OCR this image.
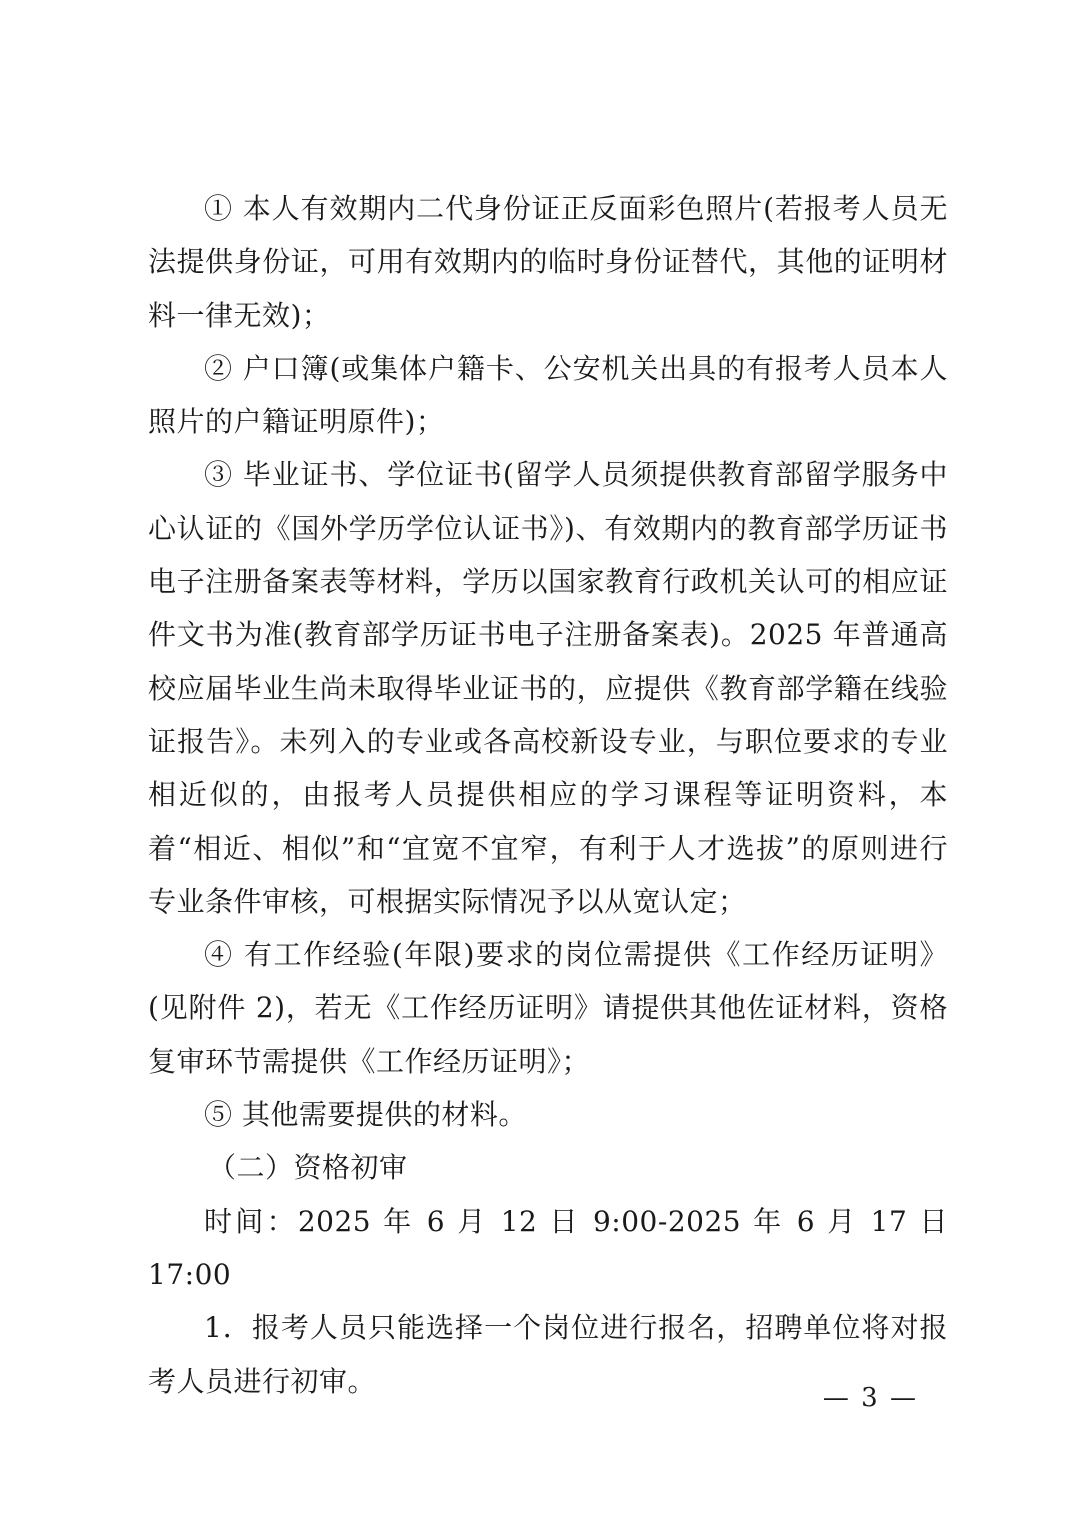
① 本人有效期内二代身份证正反面彩色照片(若报考人员无法提供身份证，可用有效期内的临时身份证替代，其他的证明材料一律无效)；

② 户口簿(或集体户籍卡、公安机关出具的有报考人员本人照片的户籍证明原件)；

③ 毕业证书、学位证书(留学人员须提供教育部留学服务中心认证的《国外学历学位认证书》)、有效期内的教育部学历证书电子注册备案表等材料，学历以国家教育行政机关认可的相应证件文书为准(教育部学历证书电子注册备案表)。2025 年普通高校应届毕业生尚未取得毕业证书的，应提供《教育部学籍在线验证报告》。未列入的专业或各高校新设专业，与职位要求的专业相近似的，由报考人员提供相应的学习课程等证明资料，本着“相近、相似”和“宜宽不宜窄，有利于人才选拔”的原则进行专业条件审核，可根据实际情况予以从宽认定；

④ 有工作经验(年限)要求的岗位需提供《工作经历证明》(见附件 2)，若无《工作经历证明》请提供其他佐证材料，资格复审环节需提供《工作经历证明》；

⑤ 其他需要提供的材料。

（二）资格初审

时间：2025 年 6 月 12 日 9:00-2025 年 6 月 17 日 17:00

1．报考人员只能选择一个岗位进行报名，招聘单位将对报考人员进行初审。

— 3 —
